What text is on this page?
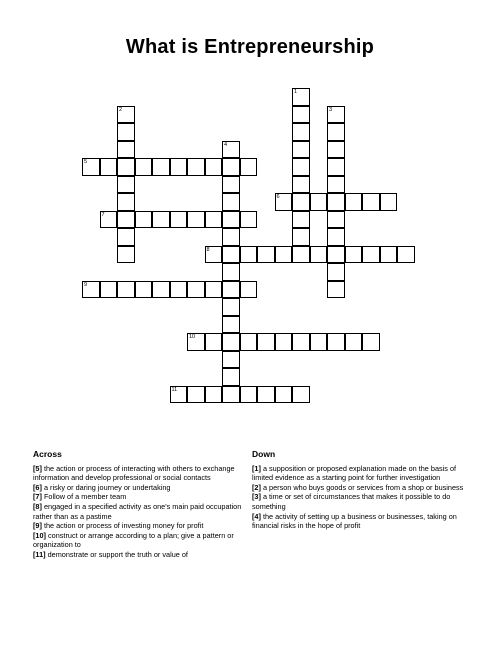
What is Entrepreneurship
1
2	3
4
5
6
7
8
9
10
11
Across

[5] the action or process of interacting with others to exchange information and develop professional or social contacts

[6] a risky or daring journey or undertaking

[7] Follow of a member team

[8] engaged in a specified activity as one's main paid occupation rather than as a pastime

[9] the action or process of investing money for profit

[10] construct or arrange according to a plan; give a pattern or organization to

[11] demonstrate or support the truth or value of

Down

[1] a supposition or proposed explanation made on the basis of limited evidence as a starting point for further investigation

[2] a person who buys goods or services from a shop or business

[3] a time or set of circumstances that makes it possible to do something

[4] the activity of setting up a business or businesses, taking on financial risks in the hope of profit
